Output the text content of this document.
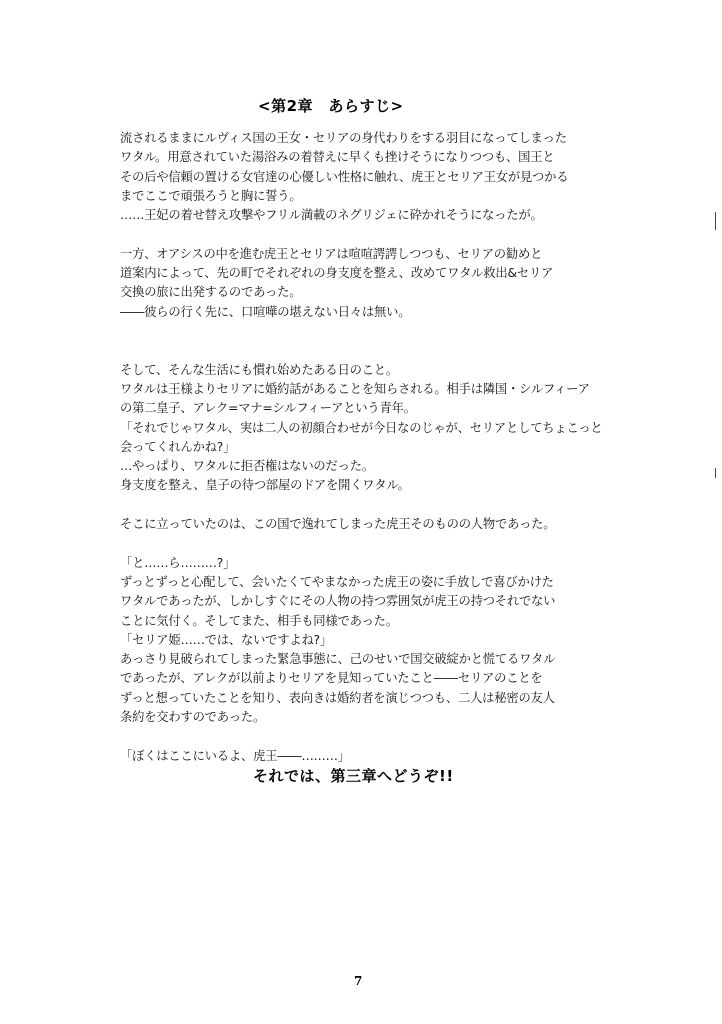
<第2章　あらすじ>
流されるままにルヴィス国の王女・セリアの身代わりをする羽目になってしまった
ワタル。用意されていた湯浴みの着替えに早くも挫けそうになりつつも、国王と
その后や信頼の置ける女官達の心優しい性格に触れ、虎王とセリア王女が見つかる
までここで頑張ろうと胸に誓う。
……王妃の着せ替え攻撃やフリル満載のネグリジェに砕かれそうになったが。
一方、オアシスの中を進む虎王とセリアは喧喧諤諤しつつも、セリアの勧めと
道案内によって、先の町でそれぞれの身支度を整え、改めてワタル救出&セリア
交換の旅に出発するのであった。
――彼らの行く先に、口喧嘩の堪えない日々は無い。
そして、そんな生活にも慣れ始めたある日のこと。
ワタルは王様よりセリアに婚約話があることを知らされる。相手は隣国・シルフィーア
の第二皇子、アレク=マナ=シルフィーアという青年。
「それでじゃワタル、実は二人の初顔合わせが今日なのじゃが、セリアとしてちょこっと
会ってくれんかね?」
…やっぱり、ワタルに拒否権はないのだった。
身支度を整え、皇子の待つ部屋のドアを開くワタル。
そこに立っていたのは、この国で逸れてしまった虎王そのものの人物であった。
「と……ら………?」
ずっとずっと心配して、会いたくてやまなかった虎王の姿に手放しで喜びかけた
ワタルであったが、しかしすぐにその人物の持つ雰囲気が虎王の持つそれでない
ことに気付く。そしてまた、相手も同様であった。
「セリア姫……では、ないですよね?」
あっさり見破られてしまった緊急事態に、己のせいで国交破綻かと慌てるワタル
であったが、アレクが以前よりセリアを見知っていたこと――セリアのことを
ずっと想っていたことを知り、表向きは婚約者を演じつつも、二人は秘密の友人
条約を交わすのであった。
「ぼくはここにいるよ、虎王――………」
それでは、第三章へどうぞ!!
7
